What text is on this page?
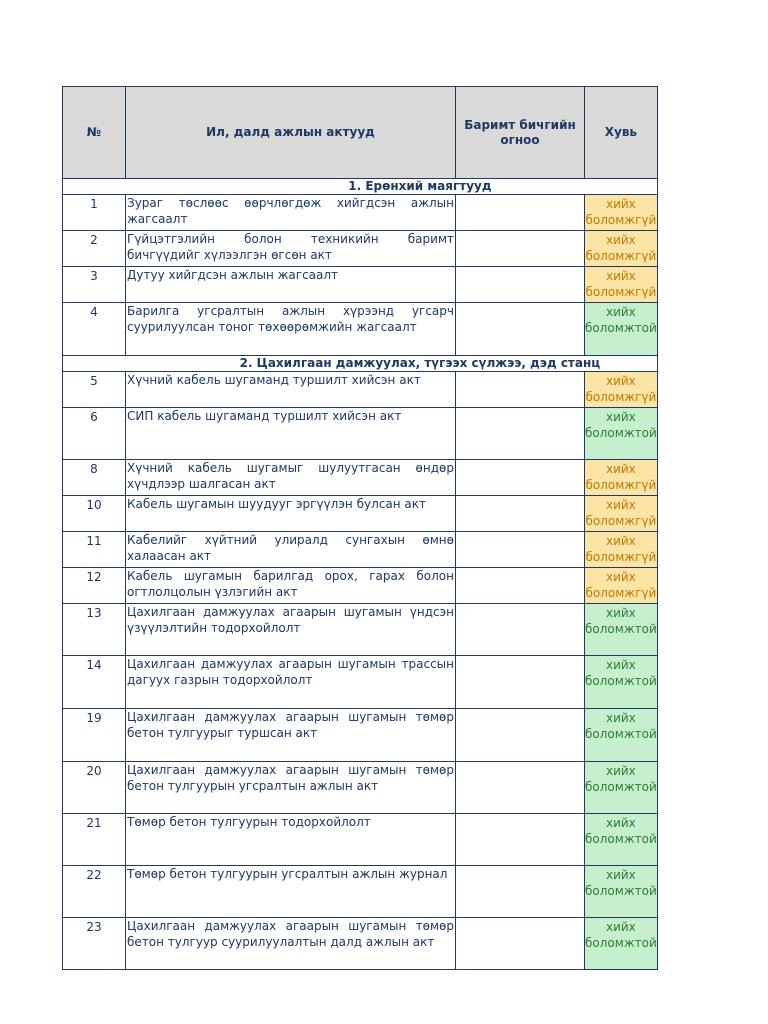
№	Ил, далд ажлын актууд	Баримт бичгийн огноо	Хувь
1. Ерөнхий маягтууд			
1	Зураг төслөөс өөрчлөгдөж хийгдсэн ажлын жагсаалт		хийх боломжгүй
2	Гүйцэтгэлийн болон техникийн баримт бичгүүдийг хүлээлгэн өгсөн акт		хийх боломжгүй
3	Дутуу хийгдсэн ажлын жагсаалт		хийх боломжгүй
4	Барилга угсралтын ажлын хүрээнд угсарч суурилуулсан тоног төхөөрөмжийн жагсаалт		хийх боломжтой
2. Цахилгаан дамжуулах, түгээх сүлжээ, дэд станц			
5	Хүчний кабель шугаманд туршилт хийсэн акт		хийх боломжгүй
6	СИП кабель шугаманд туршилт хийсэн акт		хийх боломжтой
8	Хүчний кабель шугамыг шулуутгасан өндөр хүчдлээр шалгасан акт		хийх боломжгүй
10	Кабель шугамын шуудууг эргүүлэн булсан акт		хийх боломжгүй
11	Кабелийг хүйтний улиралд сунгахын өмнө халаасан акт		хийх боломжгүй
12	Кабель шугамын барилгад орох, гарах болон огтлолцолын үзлэгийн акт		хийх боломжгүй
13	Цахилгаан дамжуулах агаарын шугамын үндсэн үзүүлэлтийн тодорхойлолт		хийх боломжтой
14	Цахилгаан дамжуулах агаарын шугамын трассын дагуух газрын тодорхойлолт		хийх боломжтой
19	Цахилгаан дамжуулах агаарын шугамын төмөр бетон тулгуурыг туршсан акт		хийх боломжтой
20	Цахилгаан дамжуулах агаарын шугамын төмөр бетон тулгуурын угсралтын ажлын акт		хийх боломжтой
21	Төмөр бетон тулгуурын тодорхойлолт		хийх боломжтой
22	Төмөр бетон тулгуурын угсралтын ажлын журнал		хийх боломжтой
23	Цахилгаан дамжуулах агаарын шугамын төмөр бетон тулгуур суурилуулалтын далд ажлын акт		хийх боломжтой
